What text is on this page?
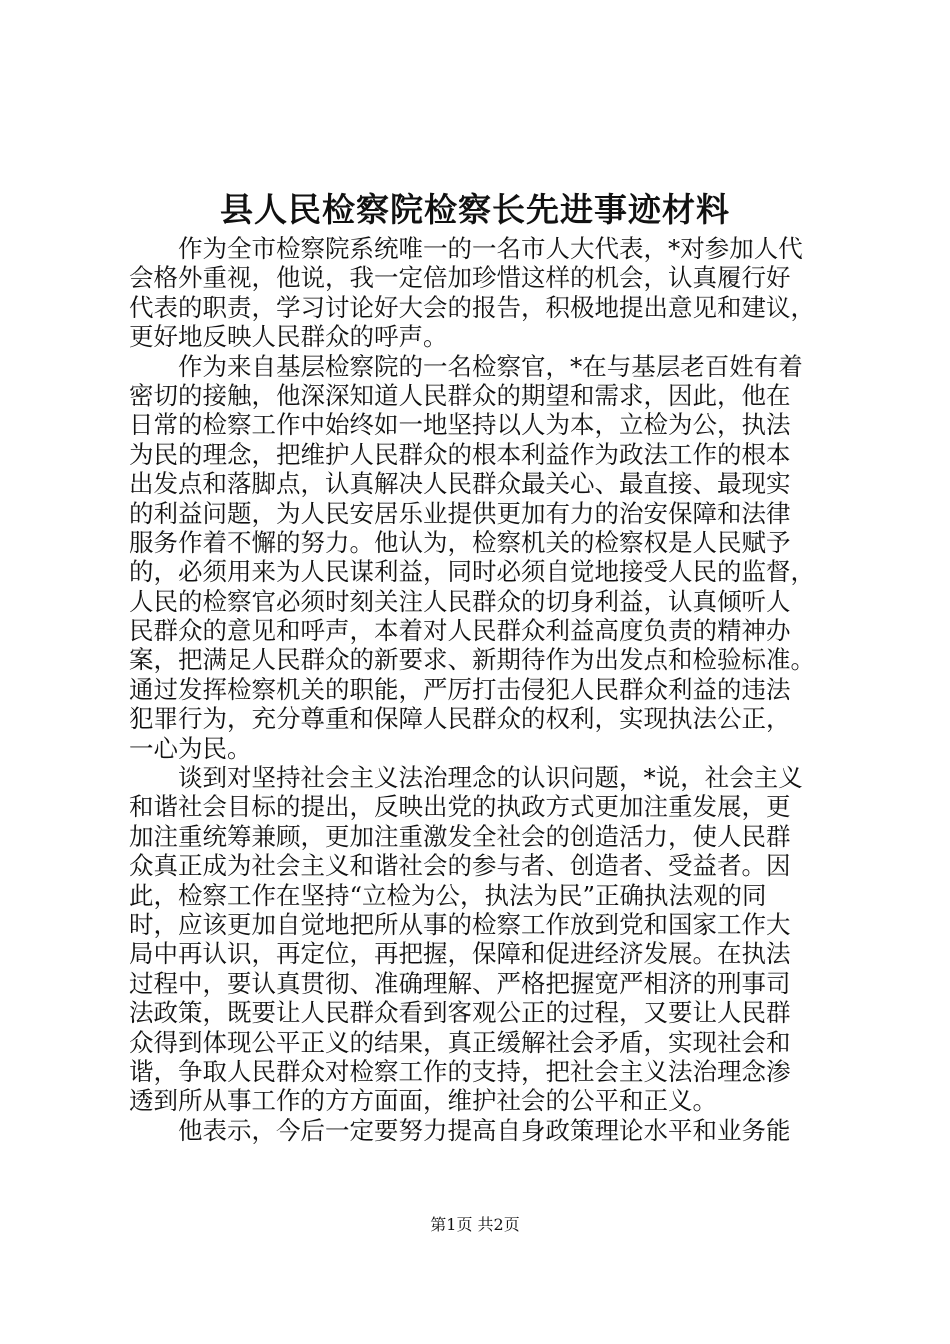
县人民检察院检察长先进事迹材料
　　作为全市检察院系统唯一的一名市人大代表，*对参加人代
会格外重视，他说，我一定倍加珍惜这样的机会，认真履行好
代表的职责，学习讨论好大会的报告，积极地提出意见和建议，
更好地反映人民群众的呼声。
　　作为来自基层检察院的一名检察官，*在与基层老百姓有着
密切的接触，他深深知道人民群众的期望和需求，因此，他在
日常的检察工作中始终如一地坚持以人为本，立检为公，执法
为民的理念，把维护人民群众的根本利益作为政法工作的根本
出发点和落脚点，认真解决人民群众最关心、最直接、最现实
的利益问题，为人民安居乐业提供更加有力的治安保障和法律
服务作着不懈的努力。他认为，检察机关的检察权是人民赋予
的，必须用来为人民谋利益，同时必须自觉地接受人民的监督，
人民的检察官必须时刻关注人民群众的切身利益，认真倾听人
民群众的意见和呼声，本着对人民群众利益高度负责的精神办
案，把满足人民群众的新要求、新期待作为出发点和检验标准。
通过发挥检察机关的职能，严厉打击侵犯人民群众利益的违法
犯罪行为，充分尊重和保障人民群众的权利，实现执法公正，
一心为民。
　　谈到对坚持社会主义法治理念的认识问题，*说，社会主义
和谐社会目标的提出，反映出党的执政方式更加注重发展，更
加注重统筹兼顾，更加注重激发全社会的创造活力，使人民群
众真正成为社会主义和谐社会的参与者、创造者、受益者。因
此，检察工作在坚持“立检为公，执法为民”正确执法观的同
时，应该更加自觉地把所从事的检察工作放到党和国家工作大
局中再认识，再定位，再把握，保障和促进经济发展。在执法
过程中，要认真贯彻、准确理解、严格把握宽严相济的刑事司
法政策，既要让人民群众看到客观公正的过程，又要让人民群
众得到体现公平正义的结果，真正缓解社会矛盾，实现社会和
谐，争取人民群众对检察工作的支持，把社会主义法治理念渗
透到所从事工作的方方面面，维护社会的公平和正义。
　　他表示，今后一定要努力提高自身政策理论水平和业务能
第1页 共2页
